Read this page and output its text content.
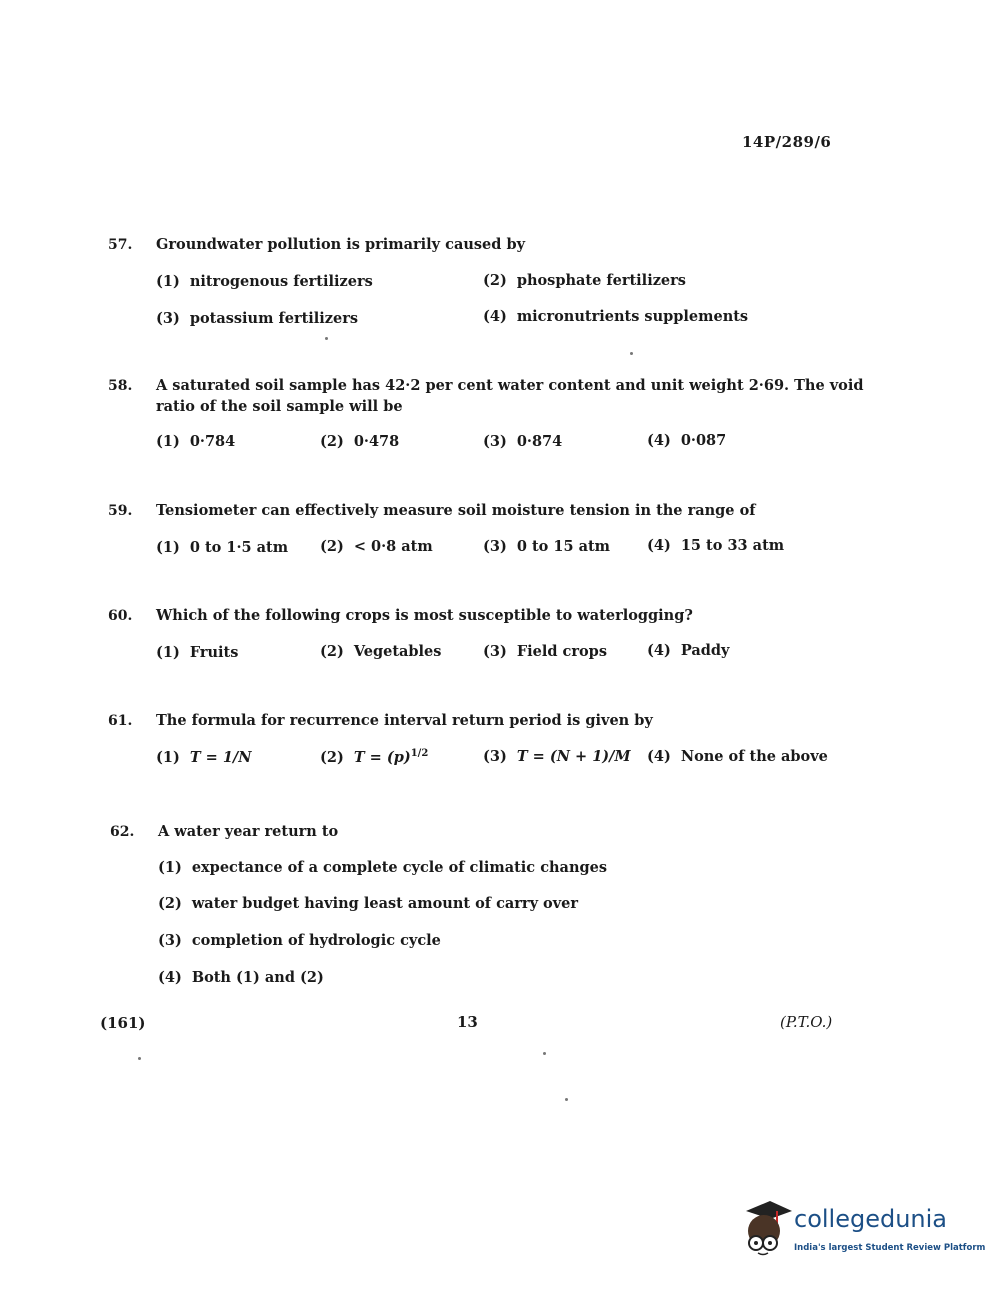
14P/289/6
57. Groundwater pollution is primarily caused by
(1) nitrogenous fertilizers	(2) phosphate fertilizers
(3) potassium fertilizers	(4) micronutrients supplements
58. A saturated soil sample has 42·2 per cent water content and unit weight 2·69. The void
ratio of the soil sample will be
(1) 0·784	(2) 0·478	(3) 0·874	(4) 0·087
59. Tensiometer can effectively measure soil moisture tension in the range of
(1) 0 to 1·5 atm (2) < 0·8 atm	(3) 0 to 15 atm	(4) 15 to 33 atm
60. Which of the following crops is most susceptible to waterlogging?
(1) Fruits	(2) Vegetables	(3) Field crops	(4) Paddy
61. The formula for recurrence interval return period is given by
(1) T = 1/N	(2) $T = (p)^{1/2}$	(3) T = (N + 1)/M (4) None of the above
62. A water year return to
(1) expectance of a complete cycle of climatic changes
(2) water budget having least amount of carry over
(3) completion of hydrologic cycle
(4) Both (1) and (2)
(161)	13	(P.T.O.)
collegedunia
India's largest Student Review Platform
